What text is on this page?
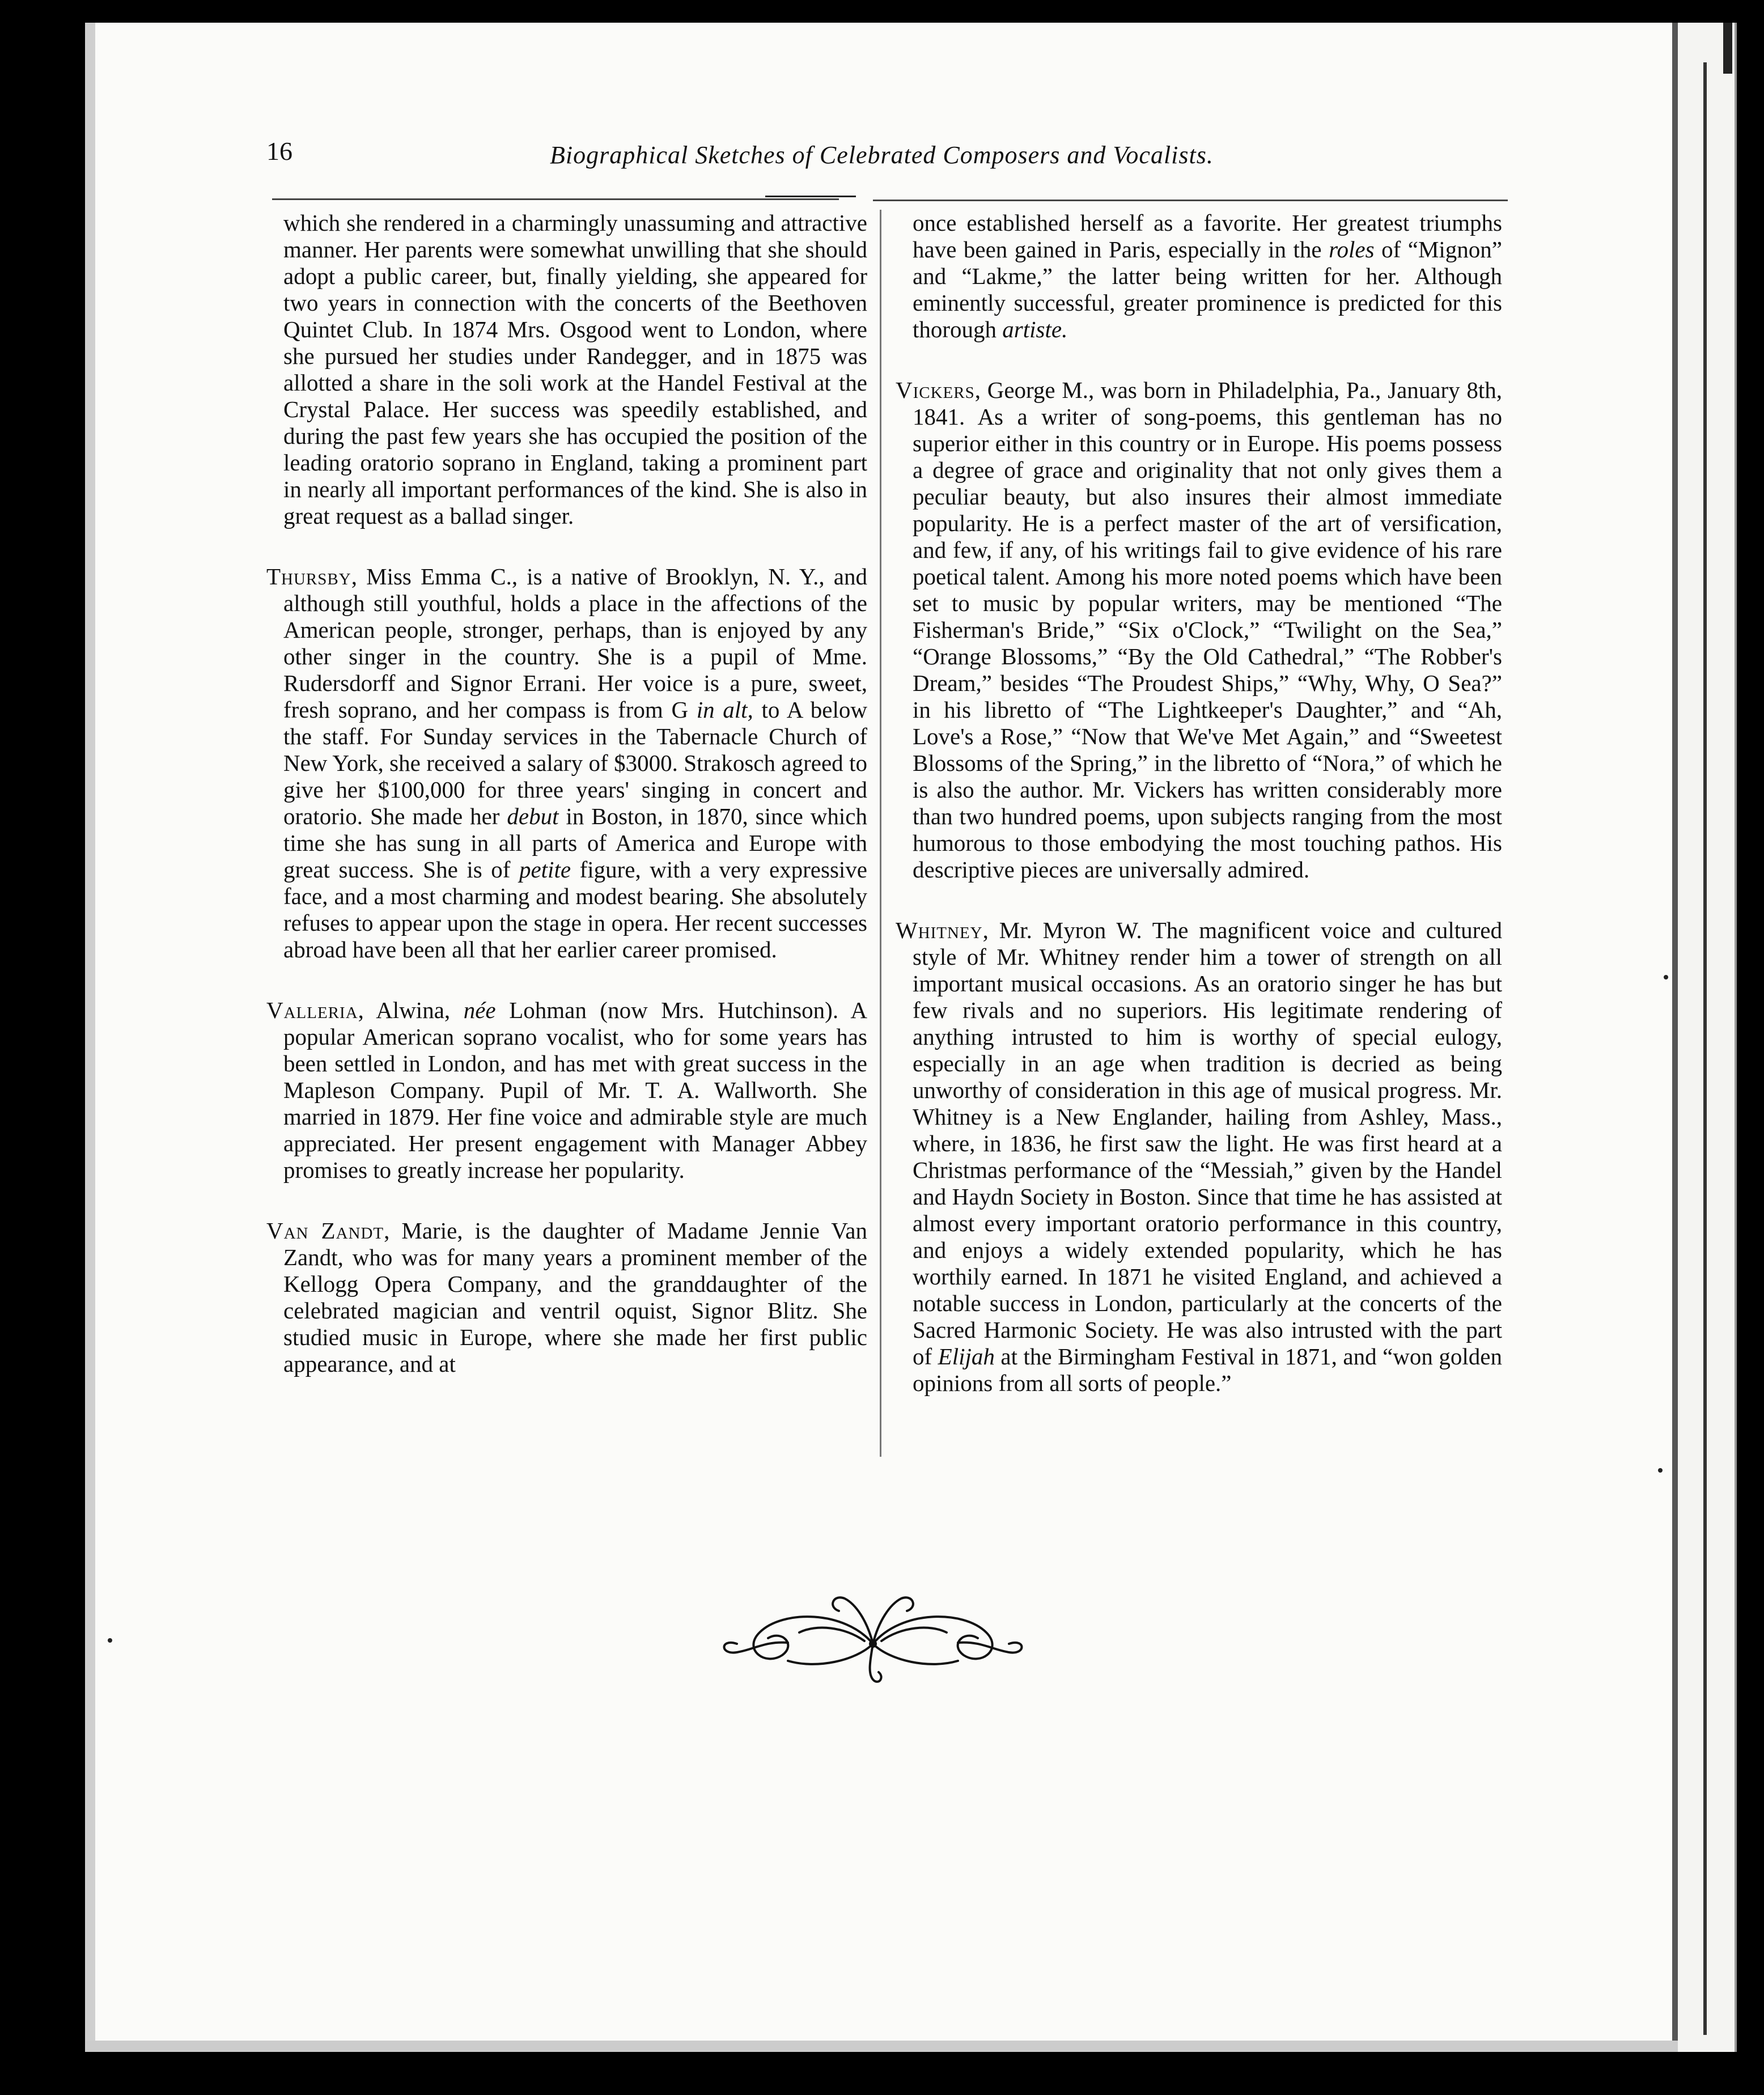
16	Biographical Sketches of Celebrated Composers and Vocalists.

which she rendered in a charmingly unassuming and attractive manner. Her parents were somewhat unwilling that she should adopt a public career, but, finally yielding, she appeared for two years in connection with the concerts of the Beethoven Quintet Club. In 1874 Mrs. Osgood went to London, where she pursued her studies under Randegger, and in 1875 was allotted a share in the soli work at the Handel Festival at the Crystal Palace. Her success was speedily established, and during the past few years she has occupied the position of the leading oratorio soprano in England, taking a prominent part in nearly all important performances of the kind. She is also in great request as a ballad singer.

Thursby, Miss Emma C., is a native of Brooklyn, N. Y., and although still youthful, holds a place in the affections of the American people, stronger, perhaps, than is enjoyed by any other singer in the country. She is a pupil of Mme. Rudersdorff and Signor Errani. Her voice is a pure, sweet, fresh soprano, and her compass is from G in alt, to A below the staff. For Sunday services in the Tabernacle Church of New York, she received a salary of $3000. Strakosch agreed to give her $100,000 for three years' singing in concert and oratorio. She made her debut in Boston, in 1870, since which time she has sung in all parts of America and Europe with great success. She is of petite figure, with a very expressive face, and a most charming and modest bearing. She absolutely refuses to appear upon the stage in opera. Her recent successes abroad have been all that her earlier career promised.

Valleria, Alwina, née Lohman (now Mrs. Hutchinson). A popular American soprano vocalist, who for some years has been settled in London, and has met with great success in the Mapleson Company. Pupil of Mr. T. A. Wallworth. She married in 1879. Her fine voice and admirable style are much appreciated. Her present engagement with Manager Abbey promises to greatly increase her popularity.

Van Zandt, Marie, is the daughter of Madame Jennie Van Zandt, who was for many years a prominent member of the Kellogg Opera Company, and the granddaughter of the celebrated magician and ventril oquist, Signor Blitz. She studied music in Europe, where she made her first public appearance, and at

once established herself as a favorite. Her greatest triumphs have been gained in Paris, especially in the roles of “Mignon” and “Lakme,” the latter being written for her. Although eminently successful, greater prominence is predicted for this thorough artiste.

Vickers, George M., was born in Philadelphia, Pa., January 8th, 1841. As a writer of song-poems, this gentleman has no superior either in this country or in Europe. His poems possess a degree of grace and originality that not only gives them a peculiar beauty, but also insures their almost immediate popularity. He is a perfect master of the art of versification, and few, if any, of his writings fail to give evidence of his rare poetical talent. Among his more noted poems which have been set to music by popular writers, may be mentioned “The Fisherman's Bride,” “Six o'Clock,” “Twilight on the Sea,” “Orange Blossoms,” “By the Old Cathedral,” “The Robber's Dream,” besides “The Proudest Ships,” “Why, Why, O Sea?” in his libretto of “The Lightkeeper's Daughter,” and “Ah, Love's a Rose,” “Now that We've Met Again,” and “Sweetest Blossoms of the Spring,” in the libretto of “Nora,” of which he is also the author. Mr. Vickers has written considerably more than two hundred poems, upon subjects ranging from the most humorous to those embodying the most touching pathos. His descriptive pieces are universally admired.

Whitney, Mr. Myron W. The magnificent voice and cultured style of Mr. Whitney render him a tower of strength on all important musical occasions. As an oratorio singer he has but few rivals and no superiors. His legitimate rendering of anything intrusted to him is worthy of special eulogy, especially in an age when tradition is decried as being unworthy of consideration in this age of musical progress. Mr. Whitney is a New Englander, hailing from Ashley, Mass., where, in 1836, he first saw the light. He was first heard at a Christmas performance of the “Messiah,” given by the Handel and Haydn Society in Boston. Since that time he has assisted at almost every important oratorio performance in this country, and enjoys a widely extended popularity, which he has worthily earned. In 1871 he visited England, and achieved a notable success in London, particularly at the concerts of the Sacred Harmonic Society. He was also intrusted with the part of Elijah at the Birmingham Festival in 1871, and “won golden opinions from all sorts of people.”
